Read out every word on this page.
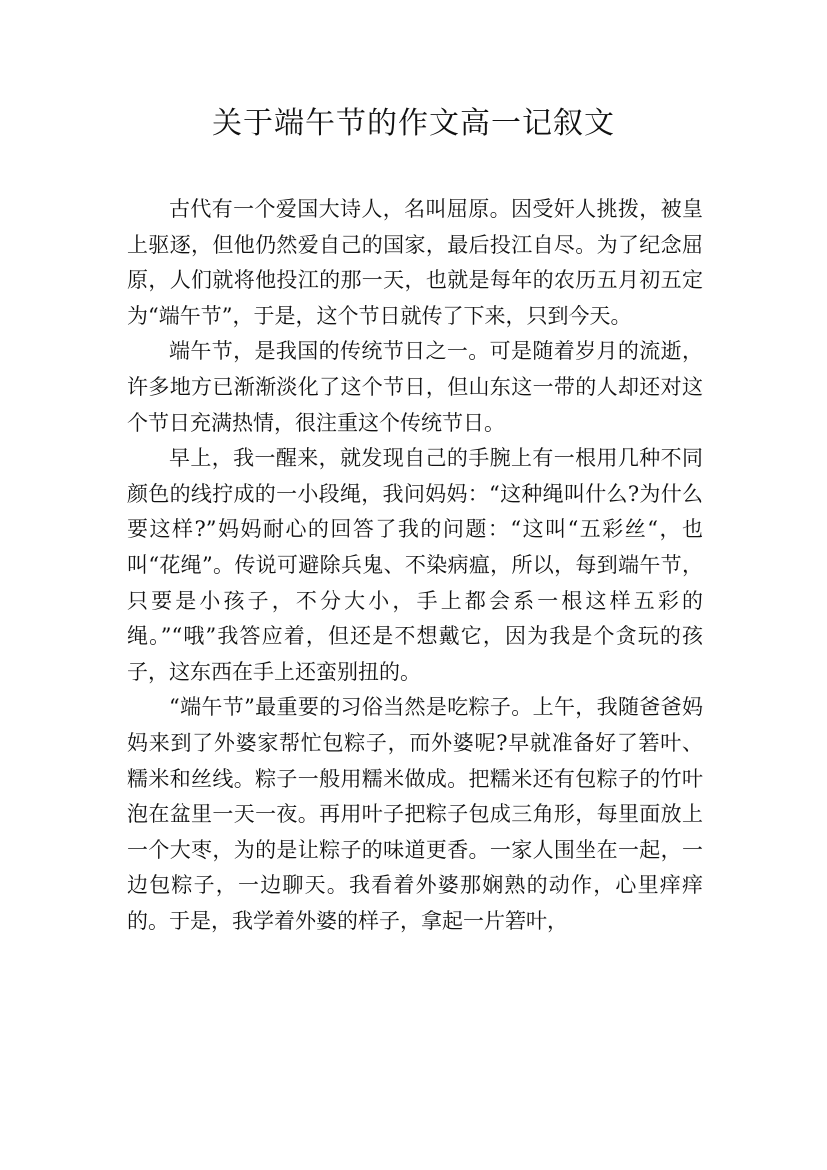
关于端午节的作文高一记叙文

古代有一个爱国大诗人，名叫屈原。因受奸人挑拨，被皇上驱逐，但他仍然爱自己的国家，最后投江自尽。为了纪念屈原，人们就将他投江的那一天，也就是每年的农历五月初五定为“端午节”，于是，这个节日就传了下来，只到今天。

端午节，是我国的传统节日之一。可是随着岁月的流逝，许多地方已渐渐淡化了这个节日，但山东这一带的人却还对这个节日充满热情，很注重这个传统节日。

早上，我一醒来，就发现自己的手腕上有一根用几种不同颜色的线拧成的一小段绳，我问妈妈：“这种绳叫什么?为什么要这样?”妈妈耐心的回答了我的问题：“这叫“五彩丝“，也叫“花绳”。传说可避除兵鬼、不染病瘟，所以，每到端午节，只要是小孩子，不分大小，手上都会系一根这样五彩的绳。”“哦”我答应着，但还是不想戴它，因为我是个贪玩的孩子，这东西在手上还蛮别扭的。

“端午节”最重要的习俗当然是吃粽子。上午，我随爸爸妈妈来到了外婆家帮忙包粽子，而外婆呢?早就准备好了箬叶、糯米和丝线。粽子一般用糯米做成。把糯米还有包粽子的竹叶泡在盆里一天一夜。再用叶子把粽子包成三角形，每里面放上一个大枣，为的是让粽子的味道更香。一家人围坐在一起，一边包粽子，一边聊天。我看着外婆那娴熟的动作，心里痒痒的。于是，我学着外婆的样子，拿起一片箬叶，
